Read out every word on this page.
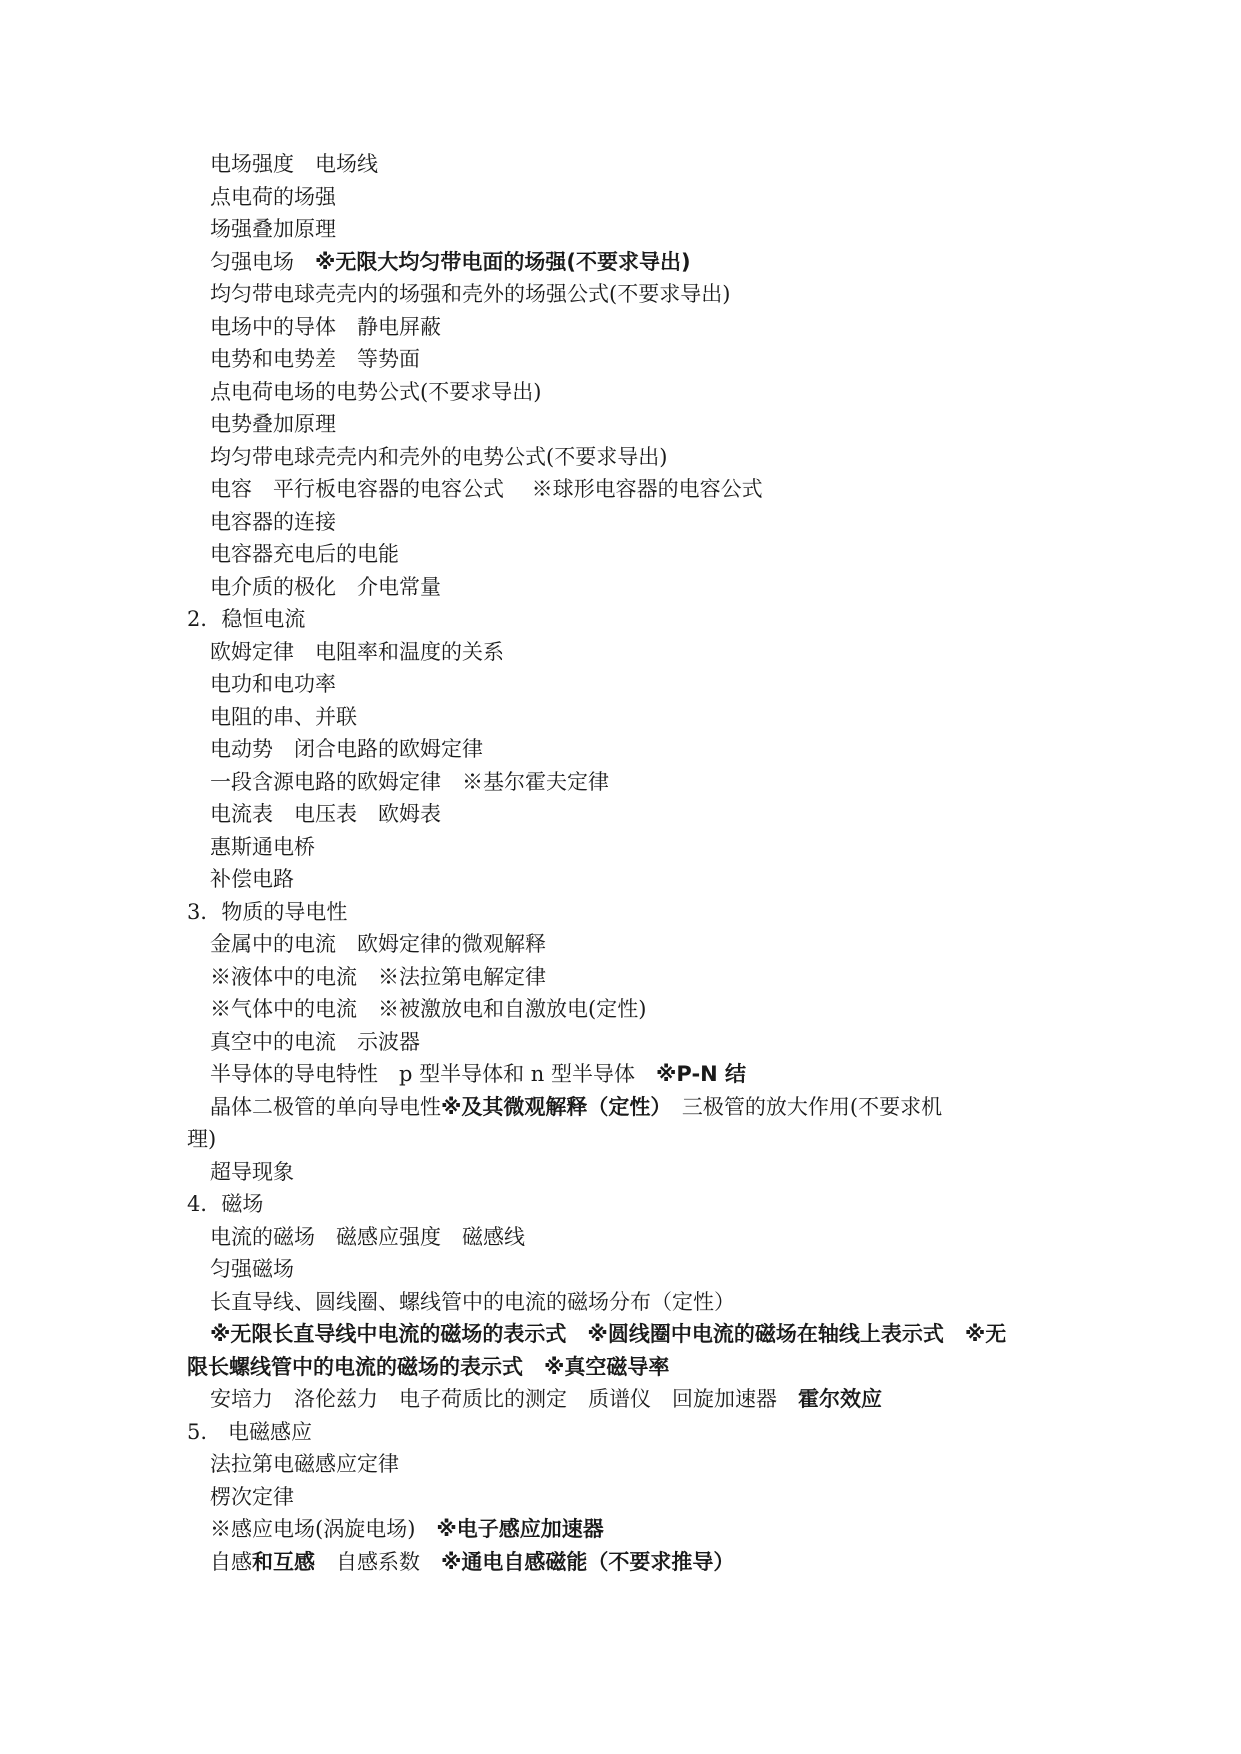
电场强度　电场线
点电荷的场强
场强叠加原理
匀强电场　※无限大均匀带电面的场强(不要求导出)
均匀带电球壳壳内的场强和壳外的场强公式(不要求导出)
电场中的导体　静电屏蔽
电势和电势差　等势面
点电荷电场的电势公式(不要求导出)
电势叠加原理
均匀带电球壳壳内和壳外的电势公式(不要求导出)
电容　平行板电容器的电容公式　 ※球形电容器的电容公式
电容器的连接
电容器充电后的电能
电介质的极化　介电常量
2．稳恒电流
欧姆定律　电阻率和温度的关系
电功和电功率
电阻的串、并联
电动势　闭合电路的欧姆定律
一段含源电路的欧姆定律　※基尔霍夫定律
电流表　电压表　欧姆表
惠斯通电桥
补偿电路
3．物质的导电性
金属中的电流　欧姆定律的微观解释
※液体中的电流　※法拉第电解定律
※气体中的电流　※被激放电和自激放电(定性)
真空中的电流　示波器
半导体的导电特性　p 型半导体和 n 型半导体　※P-N 结
晶体二极管的单向导电性※及其微观解释（定性）　三极管的放大作用(不要求机
理)
超导现象
4．磁场
电流的磁场　磁感应强度　磁感线
匀强磁场
长直导线、圆线圈、螺线管中的电流的磁场分布（定性）
※无限长直导线中电流的磁场的表示式　※圆线圈中电流的磁场在轴线上表示式　※无
限长螺线管中的电流的磁场的表示式　※真空磁导率
安培力　洛伦兹力　电子荷质比的测定　质谱仪　回旋加速器　霍尔效应
5.　电磁感应
法拉第电磁感应定律
楞次定律
※感应电场(涡旋电场)　※电子感应加速器
自感和互感　自感系数　※通电自感磁能（不要求推导）
